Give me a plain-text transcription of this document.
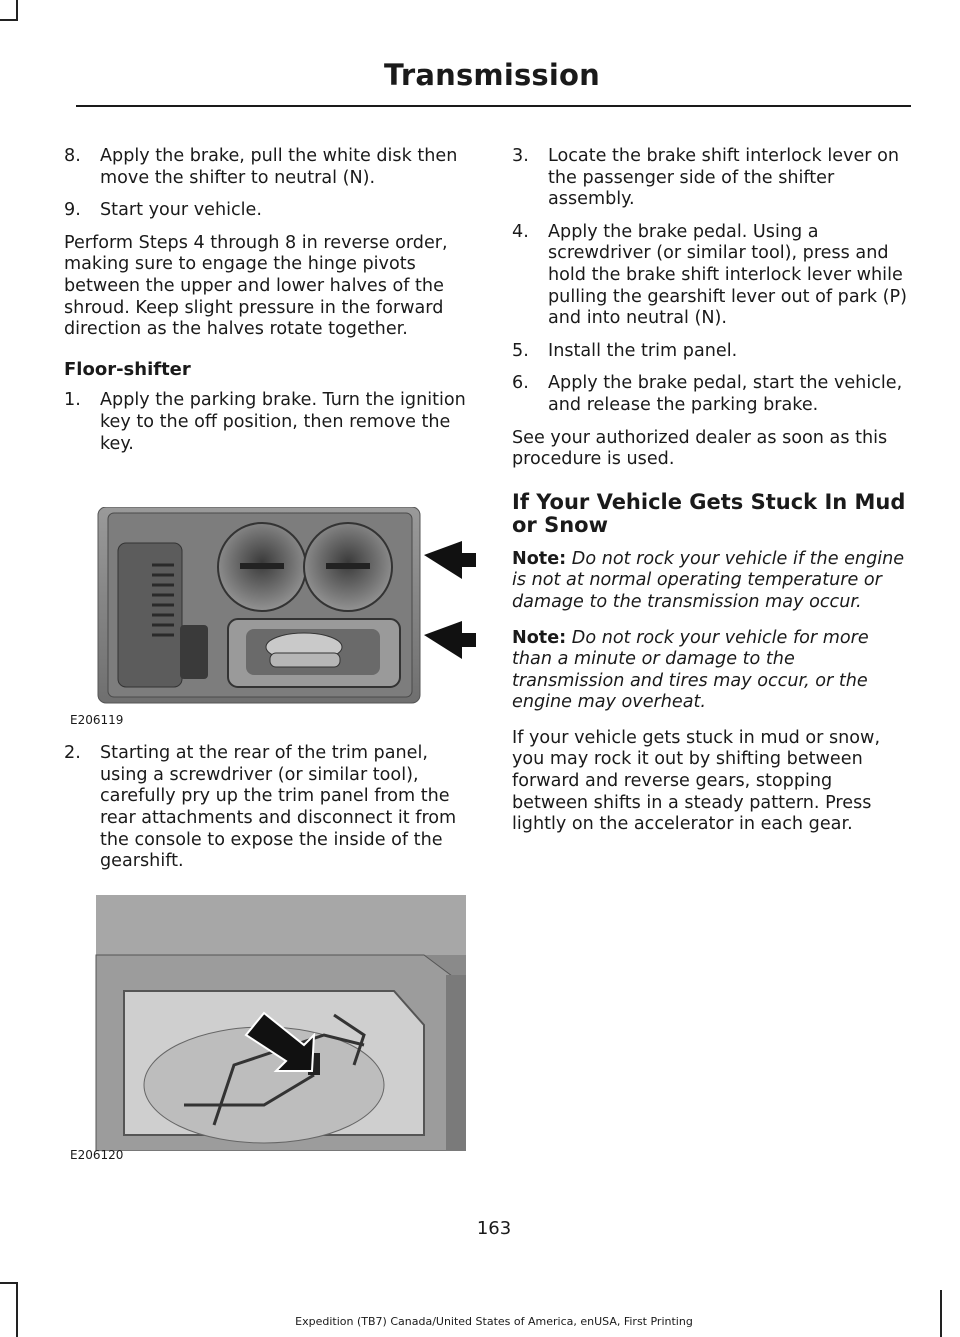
Transmission
8.	Apply the brake, pull the white disk then move the shifter to neutral (N).
9.	Start your vehicle.

Perform Steps 4 through 8 in reverse order, making sure to engage the hinge pivots between the upper and lower halves of the shroud. Keep slight pressure in the forward direction as the halves rotate together.

Floor-shifter
1.	Apply the parking brake. Turn the ignition key to the off position, then remove the key.
E206119
2.	Starting at the rear of the trim panel, using a screwdriver (or similar tool), carefully pry up the trim panel from the rear attachments and disconnect it from the console to expose the inside of the gearshift.
E206120
3.	Locate the brake shift interlock lever on the passenger side of the shifter assembly.
4.	Apply the brake pedal. Using a screwdriver (or similar tool), press and hold the brake shift interlock lever while pulling the gearshift lever out of park (P) and into neutral (N).
5.	Install the trim panel.
6.	Apply the brake pedal, start the vehicle, and release the parking brake.

See your authorized dealer as soon as this procedure is used.

If Your Vehicle Gets Stuck In Mud or Snow

Note: Do not rock your vehicle if the engine is not at normal operating temperature or damage to the transmission may occur.

Note: Do not rock your vehicle for more than a minute or damage to the transmission and tires may occur, or the engine may overheat.

If your vehicle gets stuck in mud or snow, you may rock it out by shifting between forward and reverse gears, stopping between shifts in a steady pattern. Press lightly on the accelerator in each gear.

163
Expedition (TB7) Canada/United States of America, enUSA, First Printing
